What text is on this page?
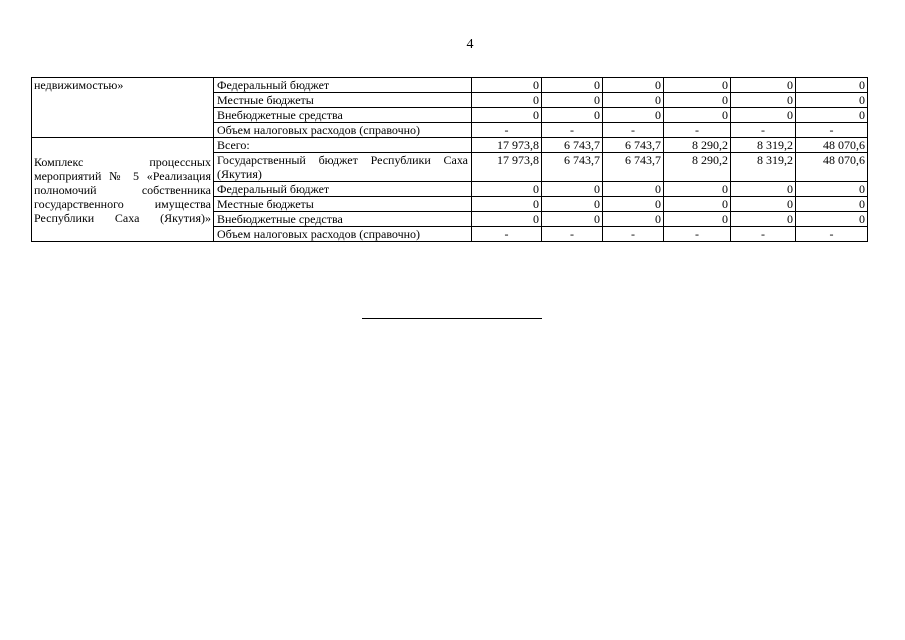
4
недвижимостью»	Федеральный бюджет	0	0	0	0	0	0
	Местные бюджеты	0	0	0	0	0	0
	Внебюджетные средства	0	0	0	0	0	0
	Объем налоговых расходов (справочно)	-	-	-	-	-	-
Комплекс процессных мероприятий № 5 «Реализация полномочий собственника государственного имущества Республики Саха (Якутия)»	Всего:	17 973,8	6 743,7	6 743,7	8 290,2	8 319,2	48 070,6
	Государственный бюджет Республики Саха (Якутия)	17 973,8	6 743,7	6 743,7	8 290,2	8 319,2	48 070,6
	Федеральный бюджет	0	0	0	0	0	0
	Местные бюджеты	0	0	0	0	0	0
	Внебюджетные средства	0	0	0	0	0	0
	Объем налоговых расходов (справочно)	-	-	-	-	-	-
